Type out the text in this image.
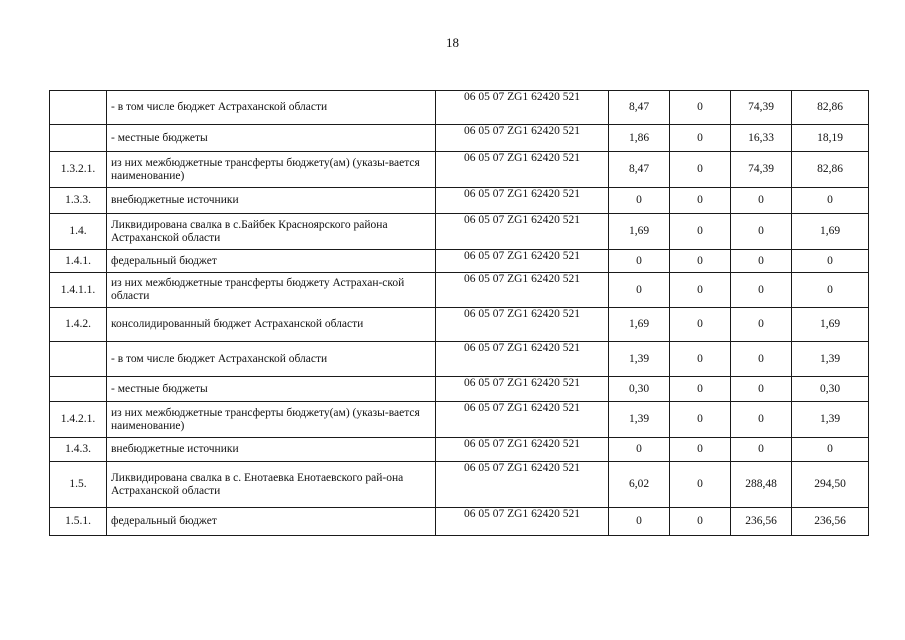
18
	- в том числе бюджет Астраханской области	06 05 07 ZG1 62420 521	8,47	0	74,39	82,86
	- местные бюджеты	06 05 07 ZG1 62420 521	1,86	0	16,33	18,19
1.3.2.1.	из них межбюджетные трансферты бюджету(ам) (указы-вается наименование)	06 05 07 ZG1 62420 521	8,47	0	74,39	82,86
1.3.3.	внебюджетные источники	06 05 07 ZG1 62420 521	0	0	0	0
1.4.	Ликвидирована свалка в с.Байбек Красноярского района Астраханской области	06 05 07 ZG1 62420 521	1,69	0	0	1,69
1.4.1.	федеральный бюджет	06 05 07 ZG1 62420 521	0	0	0	0
1.4.1.1.	из них межбюджетные трансферты бюджету Астрахан-ской области	06 05 07 ZG1 62420 521	0	0	0	0
1.4.2.	консолидированный бюджет Астраханской области	06 05 07 ZG1 62420 521	1,69	0	0	1,69
	- в том числе бюджет Астраханской области	06 05 07 ZG1 62420 521	1,39	0	0	1,39
	- местные бюджеты	06 05 07 ZG1 62420 521	0,30	0	0	0,30
1.4.2.1.	из них межбюджетные трансферты бюджету(ам) (указы-вается наименование)	06 05 07 ZG1 62420 521	1,39	0	0	1,39
1.4.3.	внебюджетные источники	06 05 07 ZG1 62420 521	0	0	0	0
1.5.	Ликвидирована свалка в с. Енотаевка Енотаевского рай-она Астраханской области	06 05 07 ZG1 62420 521	6,02	0	288,48	294,50
1.5.1.	федеральный бюджет	06 05 07 ZG1 62420 521	0	0	236,56	236,56
